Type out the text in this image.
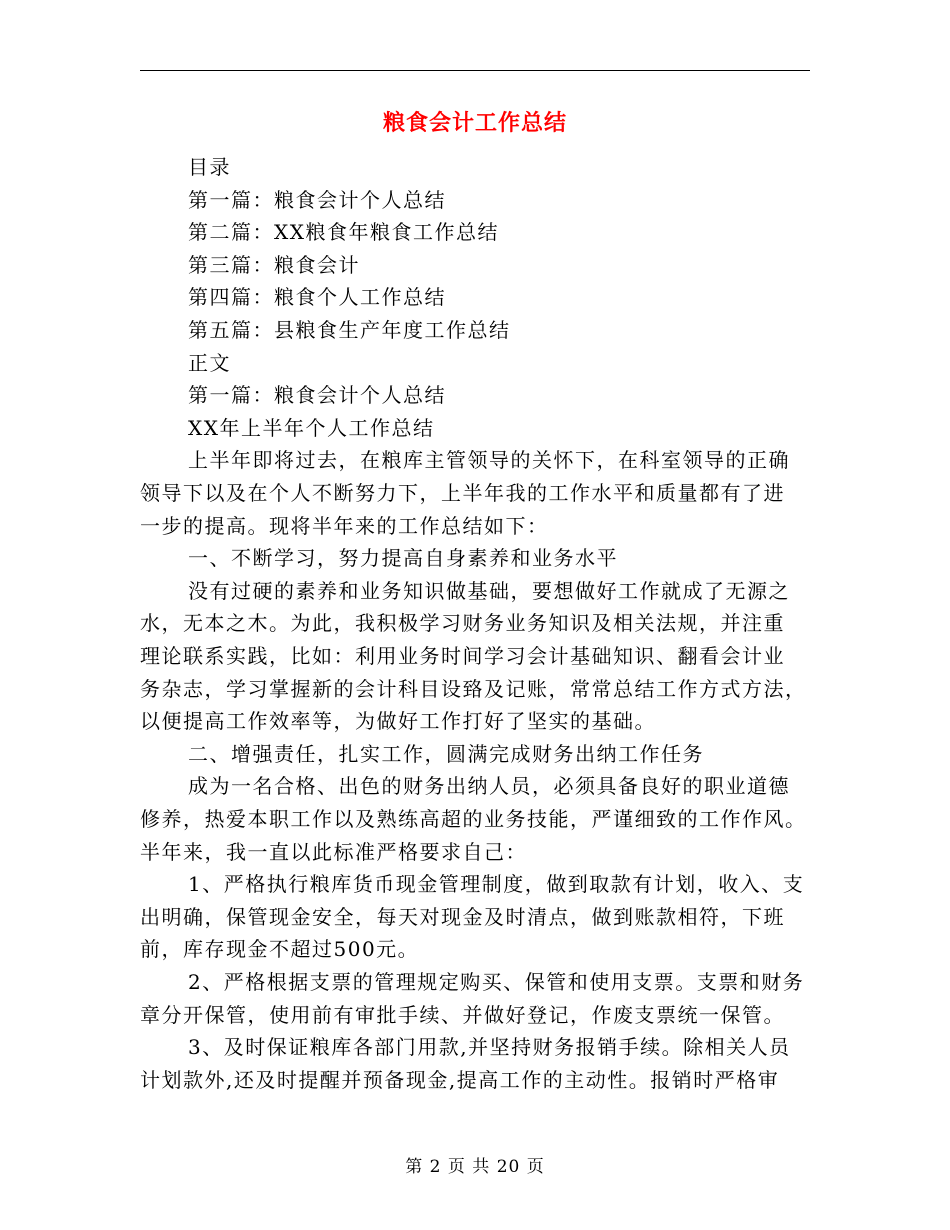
粮食会计工作总结
目录
第一篇：粮食会计个人总结
第二篇：XX粮食年粮食工作总结
第三篇：粮食会计
第四篇：粮食个人工作总结
第五篇：县粮食生产年度工作总结
正文
第一篇：粮食会计个人总结
XX年上半年个人工作总结
上半年即将过去，在粮库主管领导的关怀下，在科室领导的正确
领导下以及在个人不断努力下，上半年我的工作水平和质量都有了进
一步的提高。现将半年来的工作总结如下：
一、不断学习，努力提高自身素养和业务水平
没有过硬的素养和业务知识做基础，要想做好工作就成了无源之
水，无本之木。为此，我积极学习财务业务知识及相关法规，并注重
理论联系实践，比如：利用业务时间学习会计基础知识、翻看会计业
务杂志，学习掌握新的会计科目设臵及记账，常常总结工作方式方法，
以便提高工作效率等，为做好工作打好了坚实的基础。
二、增强责任，扎实工作，圆满完成财务出纳工作任务
成为一名合格、出色的财务出纳人员，必须具备良好的职业道德
修养，热爱本职工作以及熟练高超的业务技能，严谨细致的工作作风。
半年来，我一直以此标准严格要求自己：
1、严格执行粮库货币现金管理制度，做到取款有计划，收入、支
出明确，保管现金安全，每天对现金及时清点，做到账款相符，下班
前，库存现金不超过500元。
2、严格根据支票的管理规定购买、保管和使用支票。支票和财务
章分开保管，使用前有审批手续、并做好登记，作废支票统一保管。
3、及时保证粮库各部门用款,并坚持财务报销手续。除相关人员
计划款外,还及时提醒并预备现金,提高工作的主动性。报销时严格审
第 2 页 共 20 页
